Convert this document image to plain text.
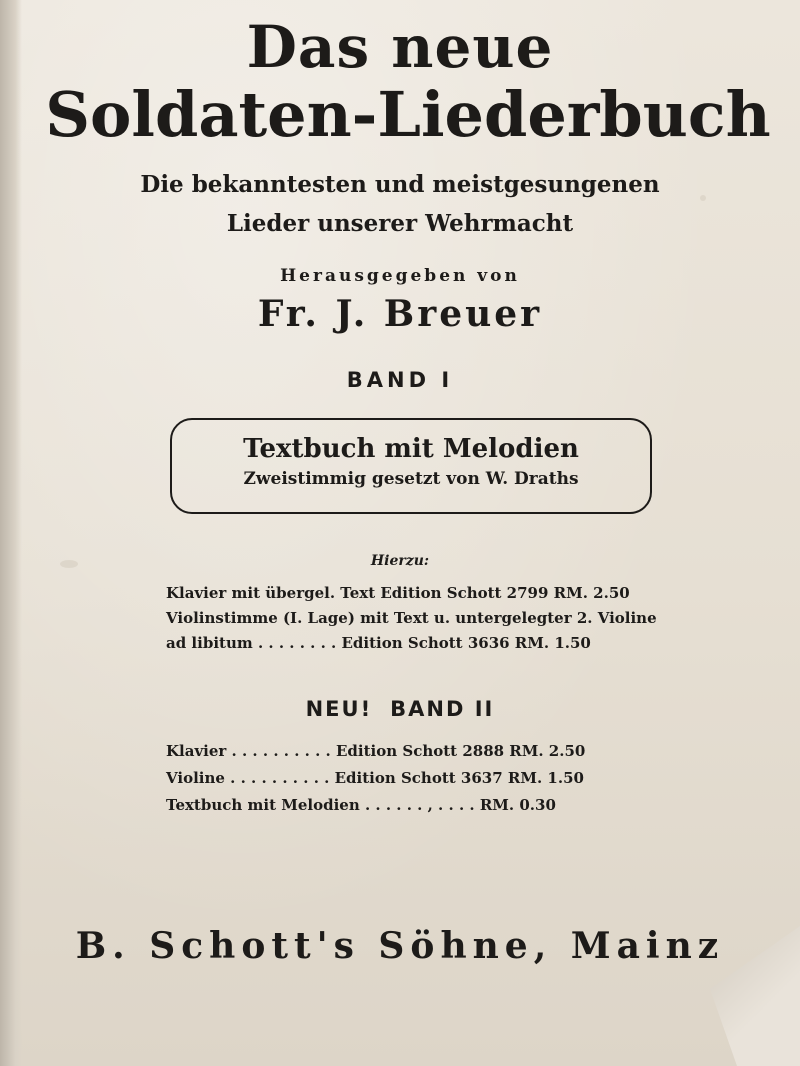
Das neue
Soldaten-Liederbuch
Die bekanntesten und meistgesungenen
Lieder unserer Wehrmacht
Herausgegeben von
Fr. J. Breuer
BAND I
Textbuch mit Melodien
Zweistimmig gesetzt von W. Draths
Hierzu:
Klavier mit übergel. Text Edition Schott 2799 RM. 2.50
Violinstimme (I. Lage) mit Text u. untergelegter 2. Violine
ad libitum . . . . . . . . Edition Schott 3636 RM. 1.50
NEU! BAND II
Klavier . . . . . . . . . . Edition Schott 2888 RM. 2.50
Violine . . . . . . . . . . Edition Schott 3637 RM. 1.50
Textbuch mit Melodien . . . . . . , . . . . RM. 0.30
B. Schott's Söhne, Mainz
